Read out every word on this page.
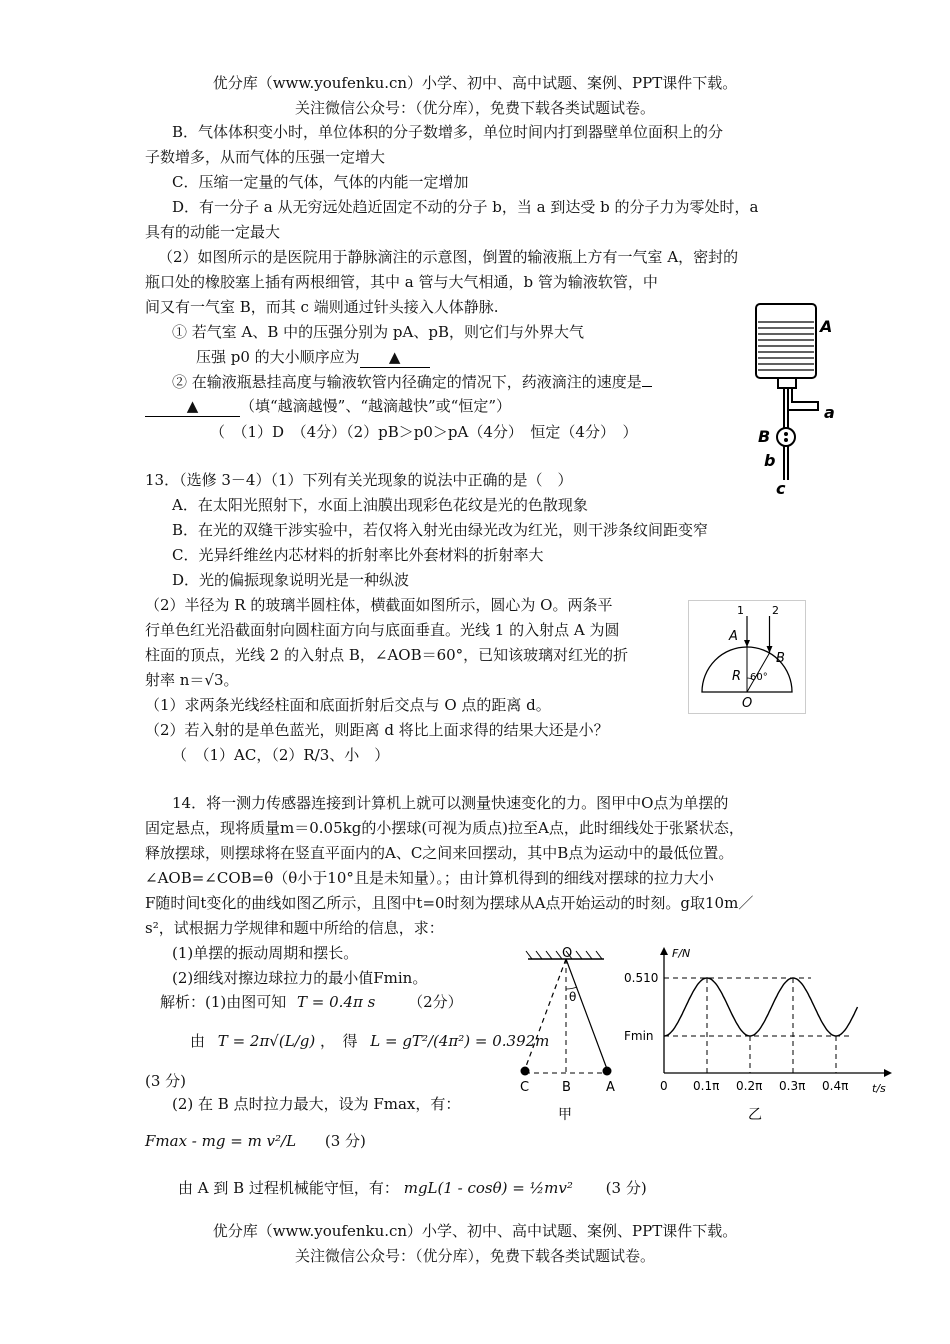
优分库（www.youfenku.cn）小学、初中、高中试题、案例、PPT课件下载。
关注微信公众号：（优分库），免费下载各类试题试卷。
B．气体体积变小时，单位体积的分子数增多，单位时间内打到器壁单位面积上的分
子数增多，从而气体的压强一定增大
C．压缩一定量的气体，气体的内能一定增加
D．有一分子 a 从无穷远处趋近固定不动的分子 b，当 a 到达受 b 的分子力为零处时，a
具有的动能一定最大
（2）如图所示的是医院用于静脉滴注的示意图，倒置的输液瓶上方有一气室 A，密封的
瓶口处的橡胶塞上插有两根细管，其中 a 管与大气相通，b 管为输液软管，中
间又有一气室 B，而其 c 端则通过针头接入人体静脉.
① 若气室 A、B 中的压强分别为 pA、pB，则它们与外界大气
压强 p0 的大小顺序应为 ▲
② 在输液瓶悬挂高度与输液软管内径确定的情况下，药液滴注的速度是
▲	（填“越滴越慢”、“越滴越快”或“恒定”）
（　（1）D　（4分）（2）pB＞p0＞pA（4分）　恒定（4分）　）
A
a
B
b
c
13．（选修 3－4）（1）下列有关光现象的说法中正确的是（　）
A．在太阳光照射下，水面上油膜出现彩色花纹是光的色散现象
B．在光的双缝干涉实验中，若仅将入射光由绿光改为红光，则干涉条纹间距变窄
C．光异纤维丝内芯材料的折射率比外套材料的折射率大
D．光的偏振现象说明光是一种纵波
（2）半径为 R 的玻璃半圆柱体，横截面如图所示，圆心为 O。两条平
行单色红光沿截面射向圆柱面方向与底面垂直。光线 1 的入射点 A 为圆
柱面的顶点，光线 2 的入射点 B，∠AOB＝60°，已知该玻璃对红光的折
射率 n＝√3。
（1）求两条光线经柱面和底面折射后交点与 O 点的距离 d。
（2）若入射的是单色蓝光，则距离 d 将比上面求得的结果大还是小？
（　（1）AC，（2）R/3、小　）
1	2
A
B
R 60°
O
14．将一测力传感器连接到计算机上就可以测量快速变化的力。图甲中O点为单摆的
固定悬点，现将质量m＝0.05kg的小摆球(可视为质点)拉至A点，此时细线处于张紧状态，
释放摆球，则摆球将在竖直平面内的A、C之间来回摆动，其中B点为运动中的最低位置。
∠AOB=∠COB=θ（θ小于10°且是未知量）。；由计算机得到的细线对摆球的拉力大小
F随时间t变化的曲线如图乙所示，且图中t=0时刻为摆球从A点开始运动的时刻。g取10m／
s²，试根据力学规律和题中所给的信息，求：
(1)单摆的振动周期和摆长。
(2)细线对擦边球拉力的最小值Fmin。
解析：(1)由图可知 T = 0.4π s （2分）
由 T = 2π√(L/g) ，　得 L = gT²/(4π²) = 0.392m
(3 分)
(2) 在 B 点时拉力最大，设为 Fmax，有：
Fmax - mg = m v²/L (3 分)
由 A 到 B 过程机械能守恒，有： mgL(1 - cosθ) = ½mv² (3 分)
O
θ
C	B	A
甲
F/N
t/s
0 0.1π 0.2π 0.3π 0.4π
0.510
Fmin
乙
优分库（www.youfenku.cn）小学、初中、高中试题、案例、PPT课件下载。
关注微信公众号：（优分库），免费下载各类试题试卷。
